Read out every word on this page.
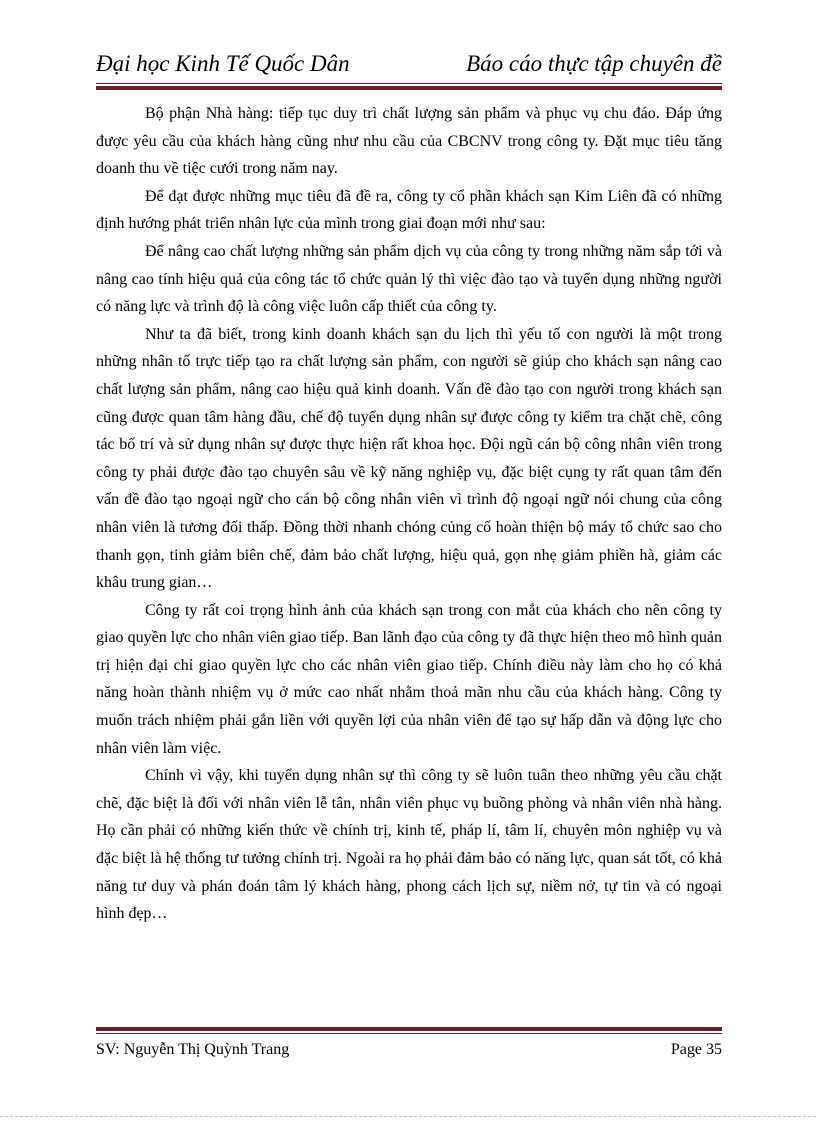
Đại học Kinh Tế Quốc Dân	Báo cáo thực tập chuyên đề

Bộ phận Nhà hàng: tiếp tục duy trì chất lượng sản phẩm và phục vụ chu đáo. Đáp ứng được yêu cầu của khách hàng cũng như nhu cầu của CBCNV trong công ty. Đặt mục tiêu tăng doanh thu về tiệc cưới trong năm nay.

Để đạt được những mục tiêu đã đề ra, công ty cổ phần khách sạn Kim Liên đã có những định hướng phát triển nhân lực của mình trong giai đoạn mới như sau:

Để nâng cao chất lượng những sản phẩm dịch vụ của công ty trong những năm sắp tới và nâng cao tính hiệu quả của công tác tổ chức quản lý thì việc đào tạo và tuyển dụng những người có năng lực và trình độ là công việc luôn cấp thiết của công ty.

Như ta đã biết, trong kinh doanh khách sạn du lịch thì yếu tố con người là một trong những nhân tố trực tiếp tạo ra chất lượng sản phẩm, con người sẽ giúp cho khách sạn nâng cao chất lượng sản phẩm, nâng cao hiệu quả kinh doanh. Vấn đề đào tạo con người trong khách sạn cũng được quan tâm hàng đầu, chế độ tuyển dụng nhân sự được công ty kiểm tra chặt chẽ, công tác bố trí và sử dụng nhân sự được thực hiện rất khoa học. Đội ngũ cán bộ công nhân viên trong công ty phải được đào tạo chuyên sâu về kỹ năng nghiệp vụ, đặc biệt cụng ty rất quan tâm đến vấn đề đào tạo ngoại ngữ cho cán bộ công nhân viên vì trình độ ngoại ngữ nói chung của công nhân viên là tương đối thấp. Đồng thời nhanh chóng củng cố hoàn thiện bộ máy tổ chức sao cho thanh gọn, tinh giảm biên chế, đảm bảo chất lượng, hiệu quả, gọn nhẹ giảm phiền hà, giảm các khâu trung gian…

Công ty rất coi trọng hình ảnh của khách sạn trong con mắt của khách cho nên công ty giao quyền lực cho nhân viên giao tiếp. Ban lãnh đạo của công ty đã thực hiện theo mô hình quản trị hiện đại chỉ giao quyền lực cho các nhân viên giao tiếp. Chính điều này làm cho họ có khả năng hoàn thành nhiệm vụ ở mức cao nhất nhằm thoả mãn nhu cầu của khách hàng. Công ty muốn trách nhiệm phải gắn liền với quyền lợi của nhân viên để tạo sự hấp dẫn và động lực cho nhân viên làm việc.

Chính vì vậy, khi tuyển dụng nhân sự thì công ty sẽ luôn tuân theo những yêu cầu chặt chẽ, đặc biệt là đối với nhân viên lễ tân, nhân viên phục vụ buồng phòng và nhân viên nhà hàng. Họ cần phải có những kiến thức về chính trị, kinh tế, pháp lí, tâm lí, chuyên môn nghiệp vụ và đặc biệt là hệ thống tư tưởng chính trị. Ngoài ra họ phải đảm bảo có năng lực, quan sát tốt, có khả năng tư duy và phán đoán tâm lý khách hàng, phong cách lịch sự, niềm nở, tự tin và có ngoại hình đẹp…

SV: Nguyễn Thị Quỳnh Trang	Page 35
